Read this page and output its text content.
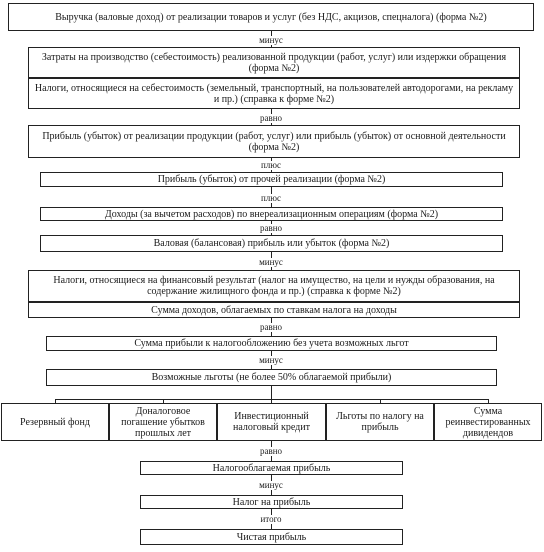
Выручка (валовые доход) от реализации товаров и услуг (без НДС, акцизов, спецналога) (форма №2)
минус
Затраты на производство (себестоимость) реализованной продукции (работ, услуг) или издержки обращения (форма №2)
Налоги, относящиеся на себестоимость (земельный, транспортный, на пользователей автодорогами, на рекламу и пр.) (справка к форме №2)
равно
Прибыль (убыток) от реализации продукции (работ, услуг) или прибыль (убыток) от основной деятельности (форма №2)
плюс
Прибыль (убыток) от прочей реализации (форма №2)
плюс
Доходы (за вычетом расходов) по внереализационным операциям (форма №2)
равно
Валовая (балансовая) прибыль или убыток (форма №2)
минус
Налоги, относящиеся на финансовый результат (налог на имущество, на цели и нужды образования, на содержание жилищного фонда и пр.) (справка к форме №2)
Сумма доходов, облагаемых по ставкам налога на доходы
равно
Сумма прибыли к налогообложению без учета возможных льгот
минус
Возможные льготы (не более 50% облагаемой прибыли)
Резервный фонд
Доналоговое погашение убытков прошлых лет
Инвестиционный налоговый кредит
Льготы по налогу на прибыль
Сумма реинвестированных дивидендов
равно
Налогооблагаемая прибыль
минус
Налог на прибыль
итого
Чистая прибыль
